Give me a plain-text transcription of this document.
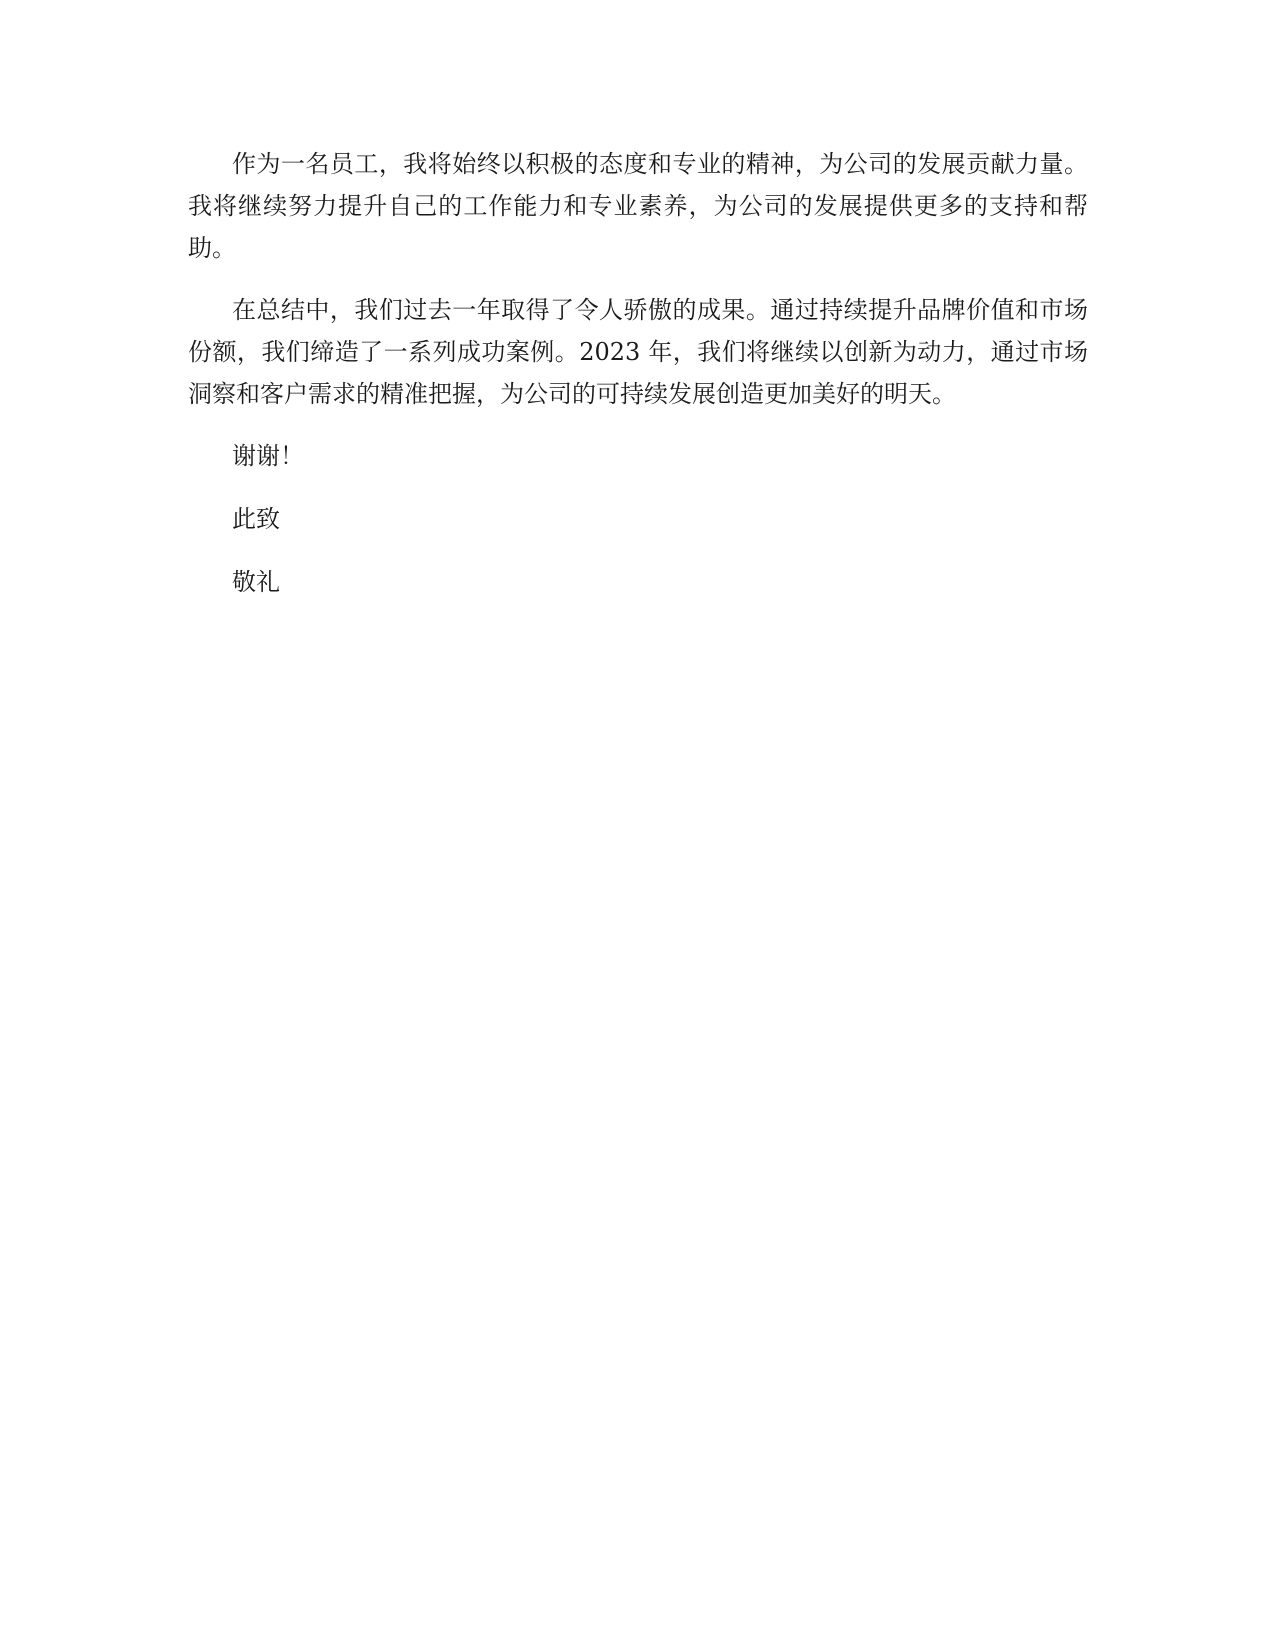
作为一名员工，我将始终以积极的态度和专业的精神，为公司的发展贡献力量。我将继续努力提升自己的工作能力和专业素养，为公司的发展提供更多的支持和帮助。

在总结中，我们过去一年取得了令人骄傲的成果。通过持续提升品牌价值和市场份额，我们缔造了一系列成功案例。2023 年，我们将继续以创新为动力，通过市场洞察和客户需求的精准把握，为公司的可持续发展创造更加美好的明天。

谢谢！

此致

敬礼
